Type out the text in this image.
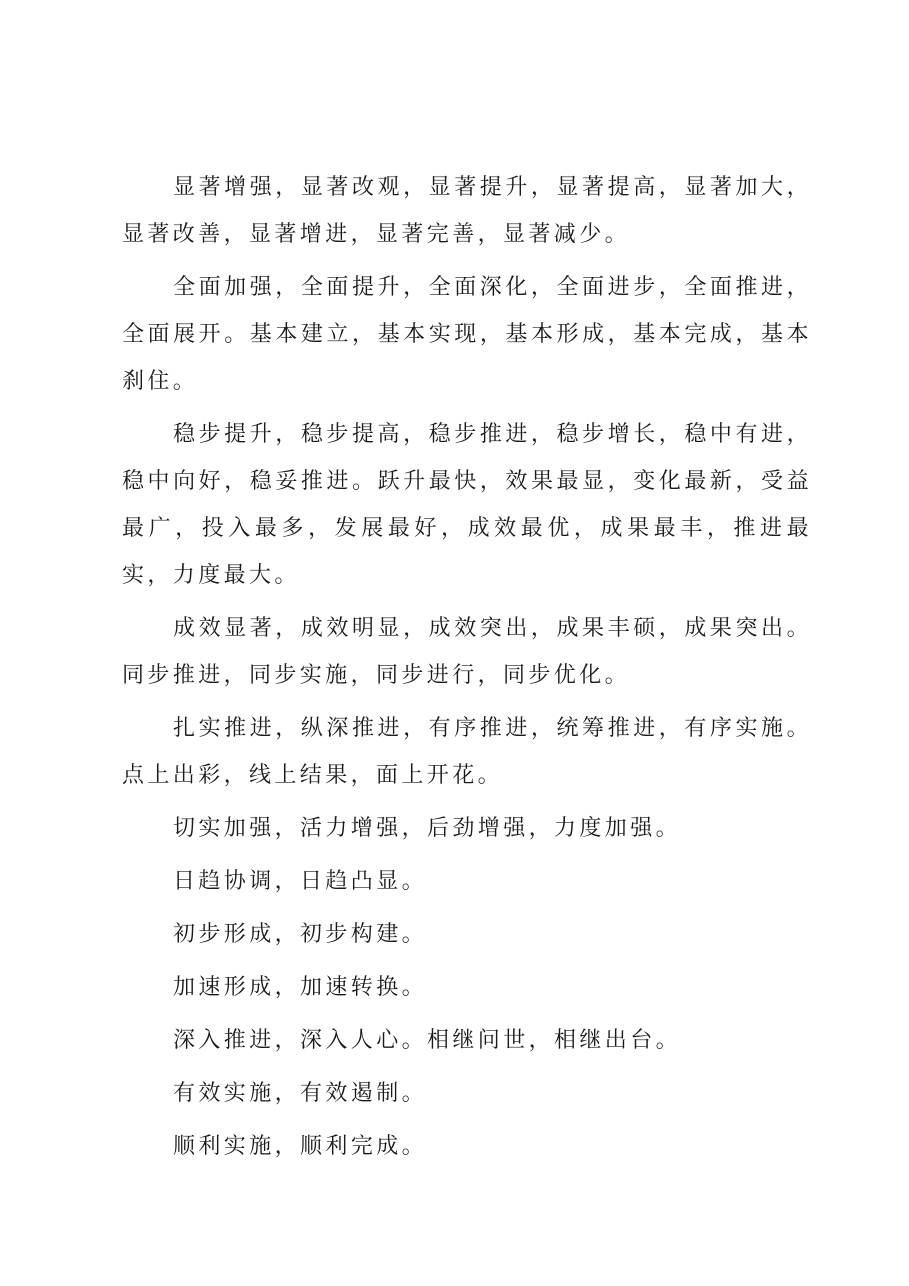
显著增强，显著改观，显著提升，显著提高，显著加大，显著改善，显著增进，显著完善，显著减少。

全面加强，全面提升，全面深化，全面进步，全面推进，全面展开。基本建立，基本实现，基本形成，基本完成，基本刹住。

稳步提升，稳步提高，稳步推进，稳步增长，稳中有进，稳中向好，稳妥推进。跃升最快，效果最显，变化最新，受益最广，投入最多，发展最好，成效最优，成果最丰，推进最实，力度最大。

成效显著，成效明显，成效突出，成果丰硕，成果突出。同步推进，同步实施，同步进行，同步优化。

扎实推进，纵深推进，有序推进，统筹推进，有序实施。点上出彩，线上结果，面上开花。

切实加强，活力增强，后劲增强，力度加强。

日趋协调，日趋凸显。

初步形成，初步构建。

加速形成，加速转换。

深入推进，深入人心。相继问世，相继出台。

有效实施，有效遏制。

顺利实施，顺利完成。
